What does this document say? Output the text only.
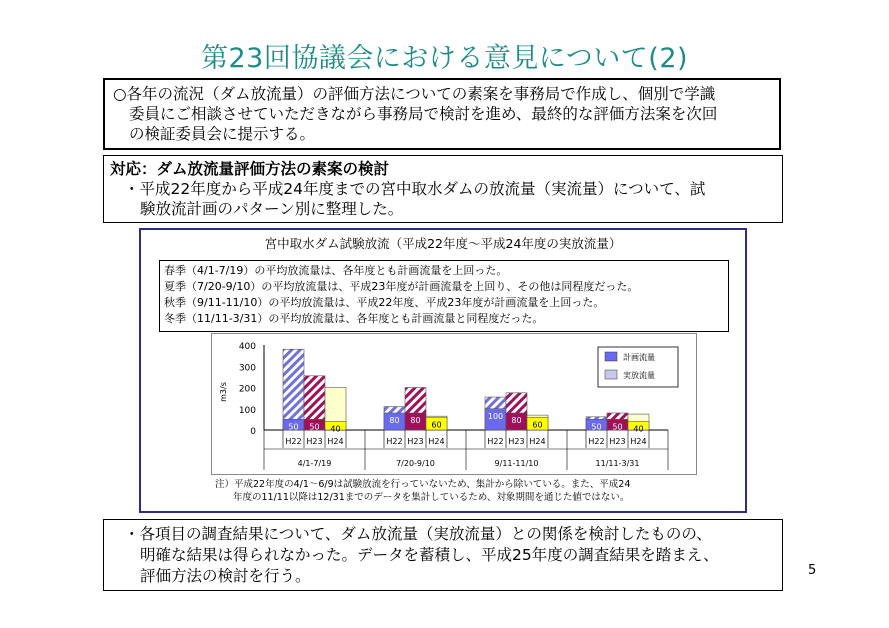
第23回協議会における意見について(2)
○各年の流況（ダム放流量）の評価方法についての素案を事務局で作成し、個別で学識
委員にご相談させていただきながら事務局で検討を進め、最終的な評価方法案を次回
の検証委員会に提示する。
対応：ダム放流量評価方法の素案の検討
・平成22年度から平成24年度までの宮中取水ダムの放流量（実流量）について、試
験放流計画のパターン別に整理した。
宮中取水ダム試験放流（平成22年度～平成24年度の実放流量）
春季（4/1-7/19）の平均放流量は、各年度とも計画流量を上回った。
夏季（7/20-9/10）の平均放流量は、平成23年度が計画流量を上回り、その他は同程度だった。
秋季（9/11-11/10）の平均放流量は、平成22年度、平成23年度が計画流量を上回った。
冬季（11/11-3/31）の平均放流量は、各年度とも計画流量と同程度だった。
0
100
200
300
400
m3/s
50
H22
50
H23
40
H24
4/1-7/19
80
H22
80
H23
60
H24
7/20-9/10
100
H22
80
H23
60
H24
9/11-11/10
50
H22
50
H23
40
H24
11/11-3/31
計画流量
実放流量
注）平成22年度の4/1～6/9は試験放流を行っていないため、集計から除いている。また、平成24
年度の11/11以降は12/31までのデータを集計しているため、対象期間を通じた値ではない。
・各項目の調査結果について、ダム放流量（実放流量）との関係を検討したものの、
明確な結果は得られなかった。データを蓄積し、平成25年度の調査結果を踏まえ、
評価方法の検討を行う。	5
